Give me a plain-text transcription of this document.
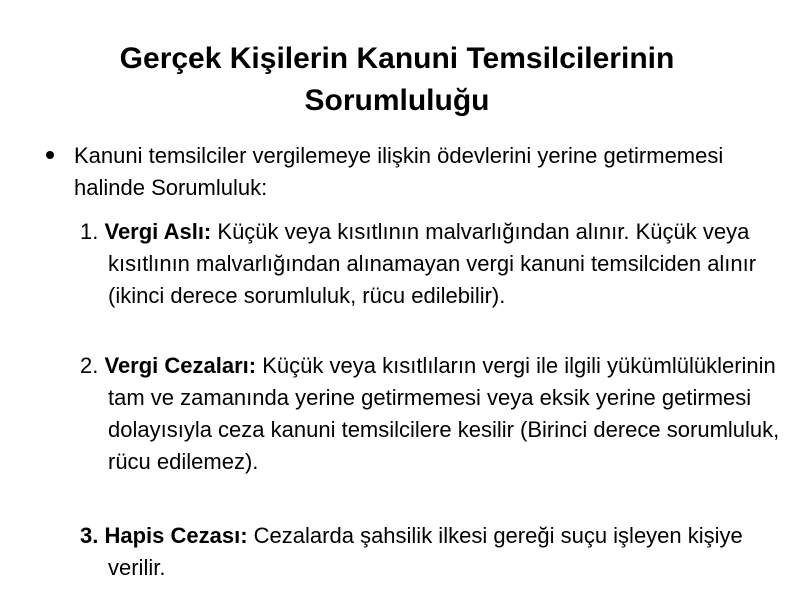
Gerçek Kişilerin Kanuni Temsilcilerinin Sorumluluğu

Kanuni temsilciler vergilemeye ilişkin ödevlerini yerine getirmemesi halinde Sorumluluk:

1. Vergi Aslı: Küçük veya kısıtlının malvarlığından alınır. Küçük veya kısıtlının malvarlığından alınamayan vergi kanuni temsilciden alınır (ikinci derece sorumluluk, rücu edilebilir).

2. Vergi Cezaları: Küçük veya kısıtlıların vergi ile ilgili yükümlülüklerinin tam ve zamanında yerine getirmemesi veya eksik yerine getirmesi dolayısıyla ceza kanuni temsilcilere kesilir (Birinci derece sorumluluk, rücu edilemez).

3. Hapis Cezası: Cezalarda şahsilik ilkesi gereği suçu işleyen kişiye verilir.
